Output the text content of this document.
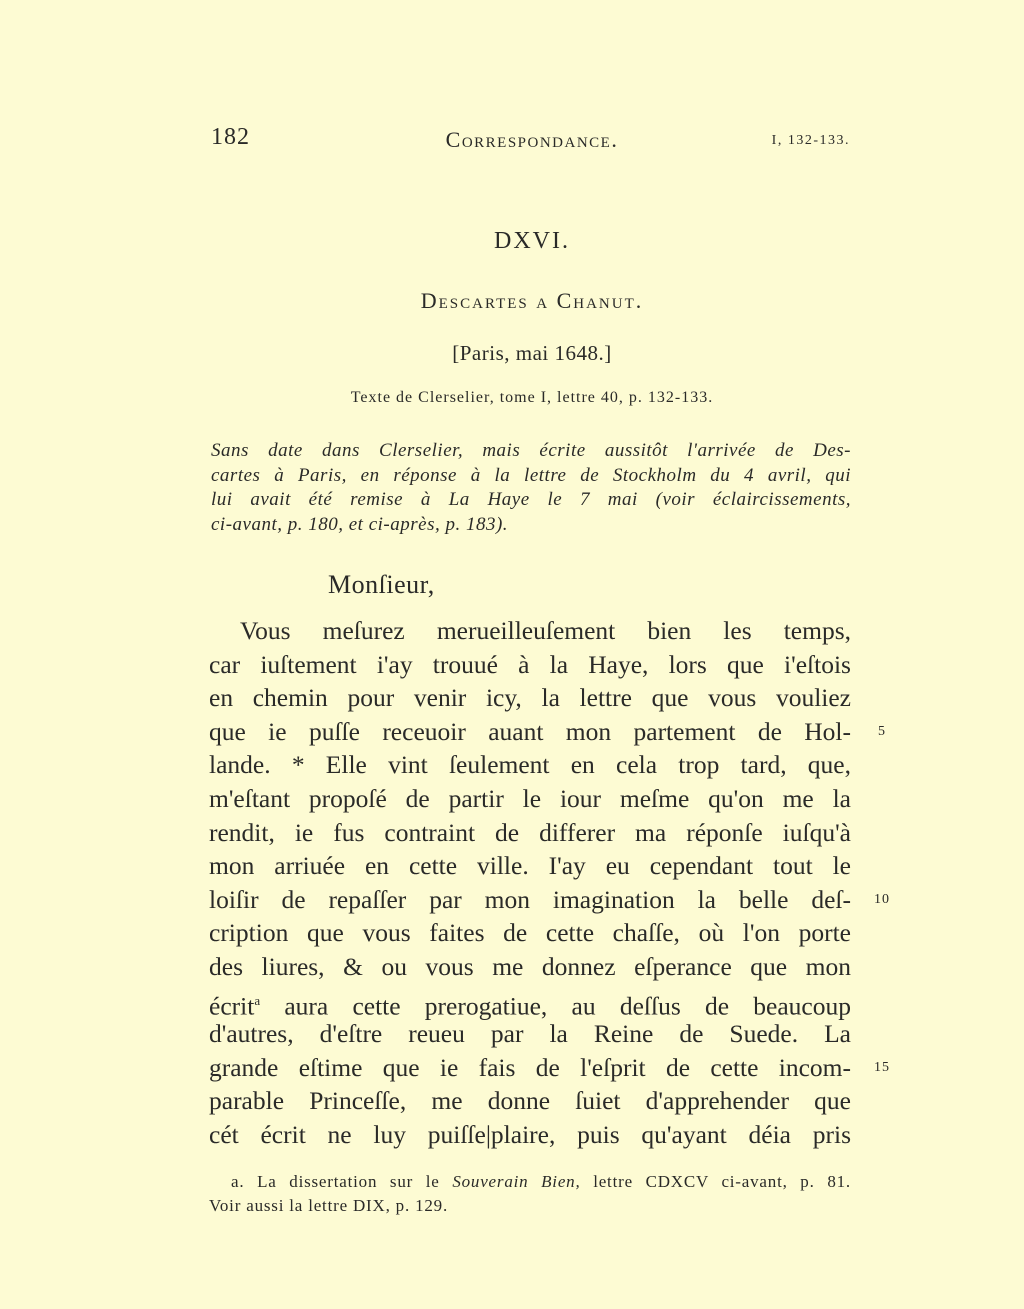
182	Correspondance.	I, 132-133.
DXVI.
Descartes a Chanut.
[Paris, mai 1648.]
Texte de Clerselier, tome I, lettre 40, p. 132-133.
Sans date dans Clerselier, mais écrite aussitôt l'arrivée de Des-
cartes à Paris, en réponse à la lettre de Stockholm du 4 avril, qui
lui avait été remise à La Haye le 7 mai (voir éclaircissements,
ci-avant, p. 180, et ci-après, p. 183).
Monſieur,
Vous meſurez merueilleuſement bien les temps,
car iuſtement i'ay trouué à la Haye, lors que i'eſtois
en chemin pour venir icy, la lettre que vous vouliez
que ie puſſe receuoir auant mon partement de Hol-
lande. * Elle vint ſeulement en cela trop tard, que,
m'eſtant propoſé de partir le iour meſme qu'on me la
rendit, ie fus contraint de differer ma réponſe iuſqu'à
mon arriuée en cette ville. I'ay eu cependant tout le
loiſir de repaſſer par mon imagination la belle deſ-
cription que vous faites de cette chaſſe, où l'on porte
des liures, & ou vous me donnez eſperance que mon
écrit$^a$ aura cette prerogatiue, au deſſus de beaucoup
d'autres, d'eſtre reueu par la Reine de Suede. La
grande eſtime que ie fais de l'eſprit de cette incom-
parable Princeſſe, me donne ſuiet d'apprehender que
cét écrit ne luy puiſſe|plaire, puis qu'ayant déia pris
5
10
15
a. La dissertation sur le Souverain Bien, lettre CDXCV ci-avant, p. 81.
Voir aussi la lettre DIX, p. 129.
